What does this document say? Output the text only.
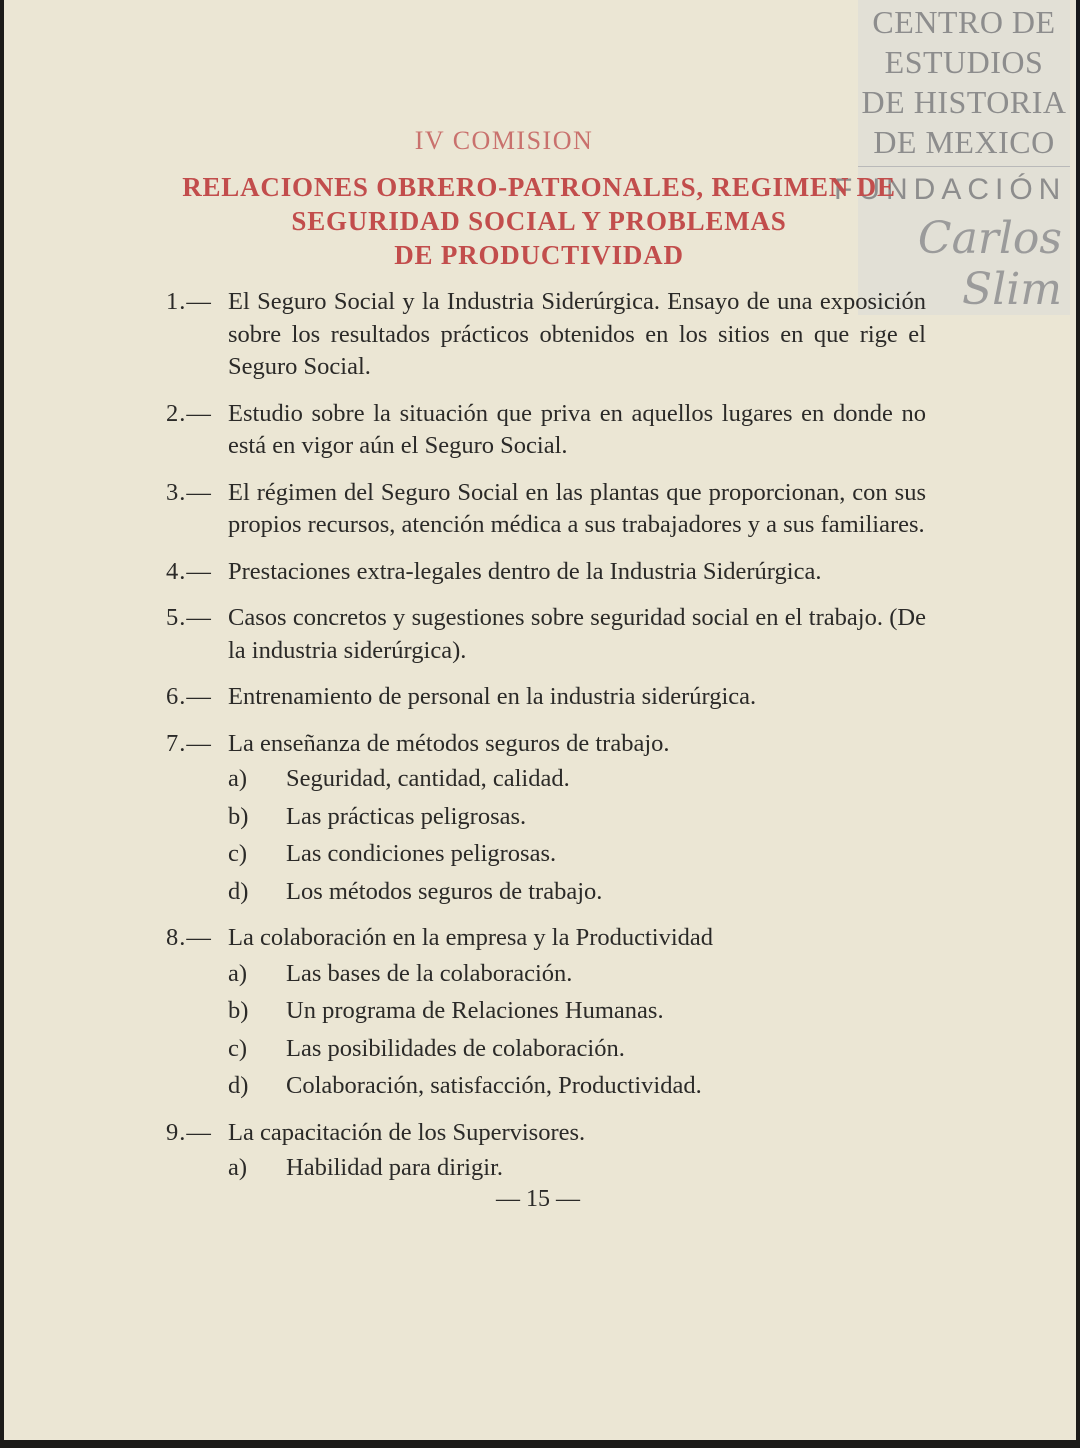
CENTRO DE
ESTUDIOS
DE HISTORIA
DE MEXICO
FUNDACIÓN
Carlos Slim
IV COMISION
RELACIONES OBRERO-PATRONALES, REGIMEN DE
SEGURIDAD SOCIAL Y PROBLEMAS
DE PRODUCTIVIDAD
1.— El Seguro Social y la Industria Siderúrgica. Ensayo de una exposición sobre los resultados prácticos obtenidos en los sitios en que rige el Seguro Social.
2.— Estudio sobre la situación que priva en aquellos lugares en donde no está en vigor aún el Seguro Social.
3.— El régimen del Seguro Social en las plantas que proporcionan, con sus propios recursos, atención médica a sus trabajadores y a sus familiares.
4.— Prestaciones extra-legales dentro de la Industria Siderúrgica.
5.— Casos concretos y sugestiones sobre seguridad social en el trabajo. (De la industria siderúrgica).
6.— Entrenamiento de personal en la industria siderúrgica.
7.— La enseñanza de métodos seguros de trabajo.
a) Seguridad, cantidad, calidad.
b) Las prácticas peligrosas.
c) Las condiciones peligrosas.
d) Los métodos seguros de trabajo.
8.— La colaboración en la empresa y la Productividad
a) Las bases de la colaboración.
b) Un programa de Relaciones Humanas.
c) Las posibilidades de colaboración.
d) Colaboración, satisfacción, Productividad.
9.— La capacitación de los Supervisores.
a) Habilidad para dirigir.
— 15 —
